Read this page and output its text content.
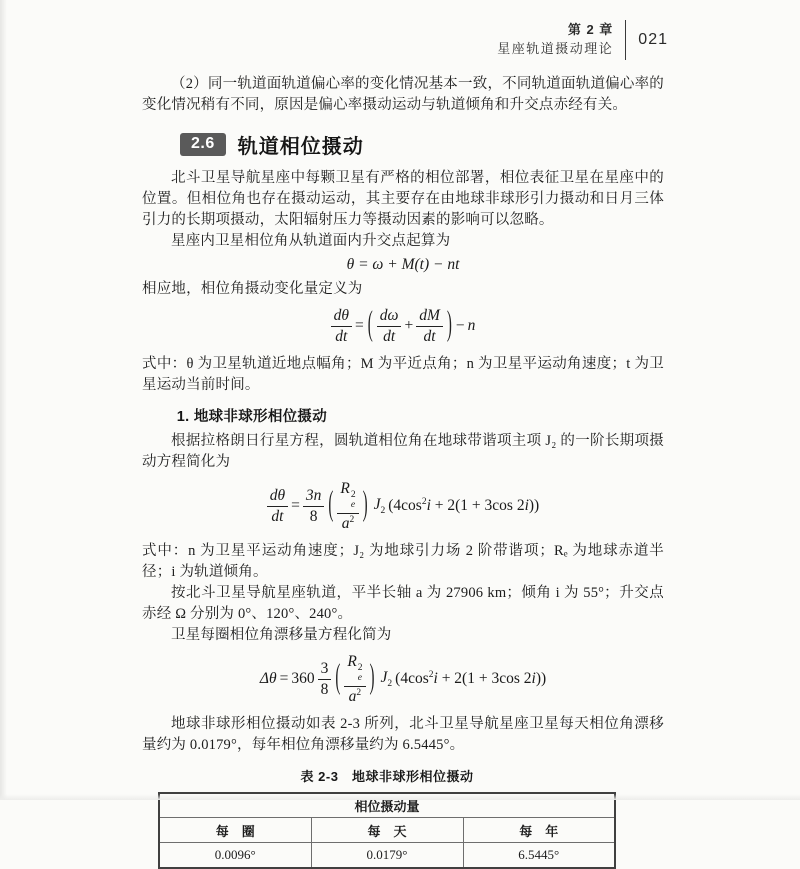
第 2 章
星座轨道摄动理论
021

（2）同一轨道面轨道偏心率的变化情况基本一致，不同轨道面轨道偏心率的变化情况稍有不同，原因是偏心率摄动运动与轨道倾角和升交点赤经有关。

2.6	轨道相位摄动

北斗卫星导航星座中每颗卫星有严格的相位部署，相位表征卫星在星座中的位置。但相位角也存在摄动运动，其主要存在由地球非球形引力摄动和日月三体引力的长期项摄动，太阳辐射压力等摄动因素的影响可以忽略。

星座内卫星相位角从轨道面内升交点起算为

θ = ω + M(t) − nt

相应地，相位角摄动变化量定义为

$\frac{d\theta}{dt}$ = ( $\frac{d\omega}{dt} + \frac{dM}{dt}$ ) − n

式中：θ 为卫星轨道近地点幅角；M 为平近点角；n 为卫星平运动角速度；t 为卫星运动当前时间。

1. 地球非球形相位摄动

根据拉格朗日行星方程，圆轨道相位角在地球带谐项主项 J₂ 的一阶长期项摄动方程简化为

$\frac{d\theta}{dt} = \frac{3n}{8}$ ( R 2
e
$a^2$ ) $J_2$ ($4\cos^2i + 2(1 + 3\cos$ 2i))

式中：n 为卫星平运动角速度；J₂ 为地球引力场 2 阶带谐项；Rₑ 为地球赤道半径；i 为轨道倾角。

按北斗卫星导航星座轨道，平半长轴 a 为 27906 km；倾角 i 为 55°；升交点赤经 Ω 分别为 0°、120°、240°。

卫星每圈相位角漂移量方程化简为

$\Delta\theta = 360 \frac{3}{8}$ ( R 2
e
$a^2$ ) $J_2$ ($4\cos^2i + 2(1 + 3\cos$ 2i))

地球非球形相位摄动如表 2-3 所列，北斗卫星导航星座卫星每天相位角漂移量约为 0.0179°，每年相位角漂移量约为 6.5445°。

表 2-3　地球非球形相位摄动
相位摄动量		
每　圈	每　天	每　年
0.0096°	0.0179°	6.5445°
